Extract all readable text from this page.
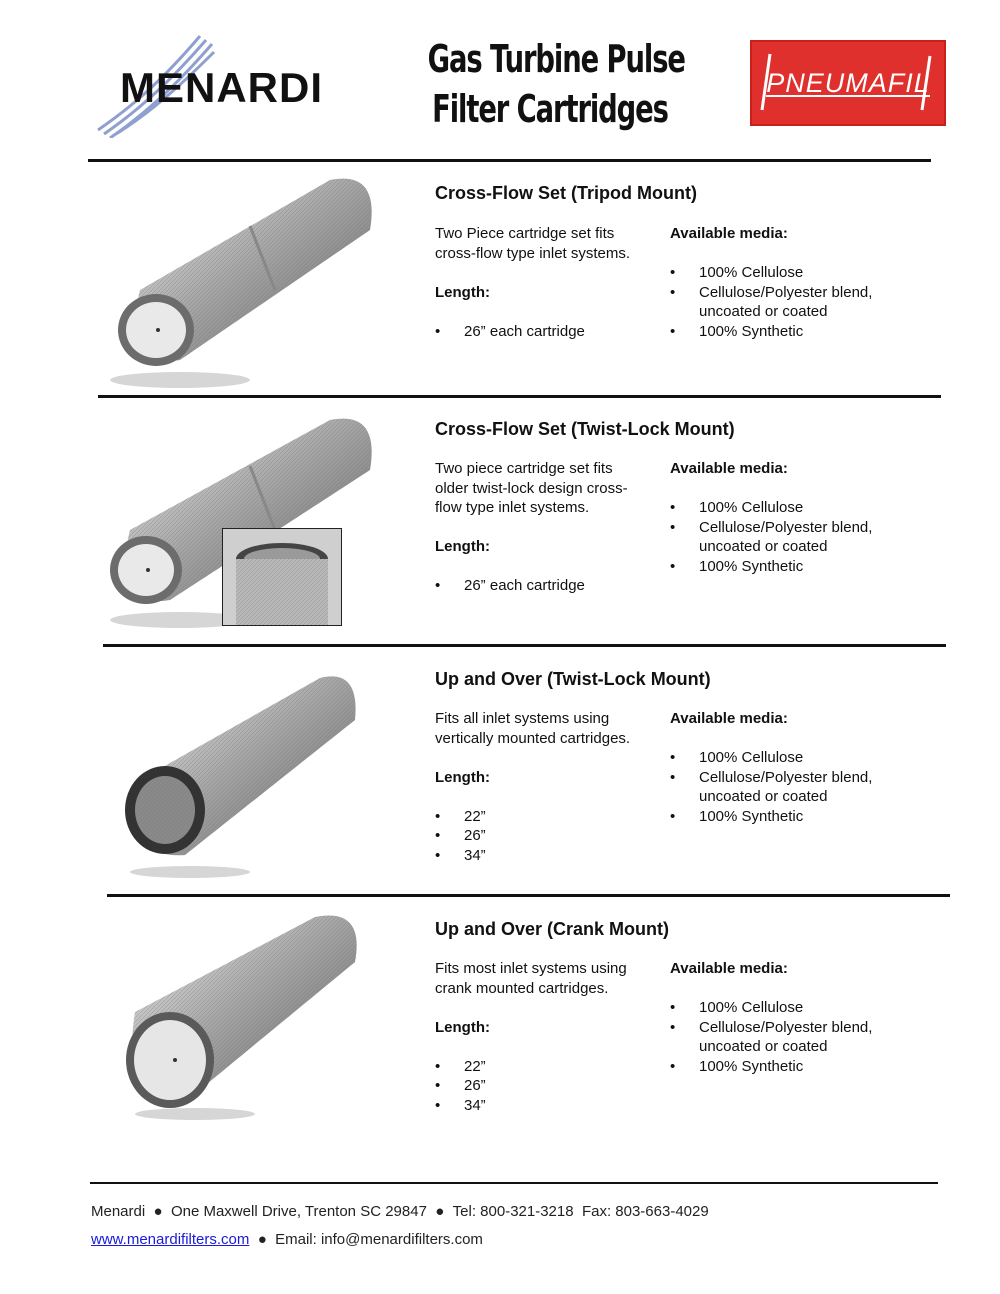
MENARDI
Gas Turbine Pulse
Filter Cartridges
PNEUMAFIL
Cross-Flow Set (Tripod Mount)
Two Piece cartridge set fits
cross-flow type inlet systems.
Length:
• 26” each cartridge
Available media:
• 100% Cellulose
• Cellulose/Polyester blend,
uncoated or coated
• 100% Synthetic
Cross-Flow Set (Twist-Lock Mount)
Two piece cartridge set fits
older twist-lock design cross-
flow type inlet systems.
Length:
• 26” each cartridge
Available media:
• 100% Cellulose
• Cellulose/Polyester blend,
uncoated or coated
• 100% Synthetic
Up and Over (Twist-Lock Mount)
Fits all inlet systems using
vertically mounted cartridges.
Length:
• 22”
• 26”
• 34”
Available media:
• 100% Cellulose
• Cellulose/Polyester blend,
uncoated or coated
• 100% Synthetic
Up and Over (Crank Mount)
Fits most inlet systems using
crank mounted cartridges.
Length:
• 22”
• 26”
• 34”
Available media:
• 100% Cellulose
• Cellulose/Polyester blend,
uncoated or coated
• 100% Synthetic
Menardi ● One Maxwell Drive, Trenton SC 29847 ● Tel: 800-321-3218 Fax: 803-663-4029
www.menardifilters.com ● Email: info@menardifilters.com
